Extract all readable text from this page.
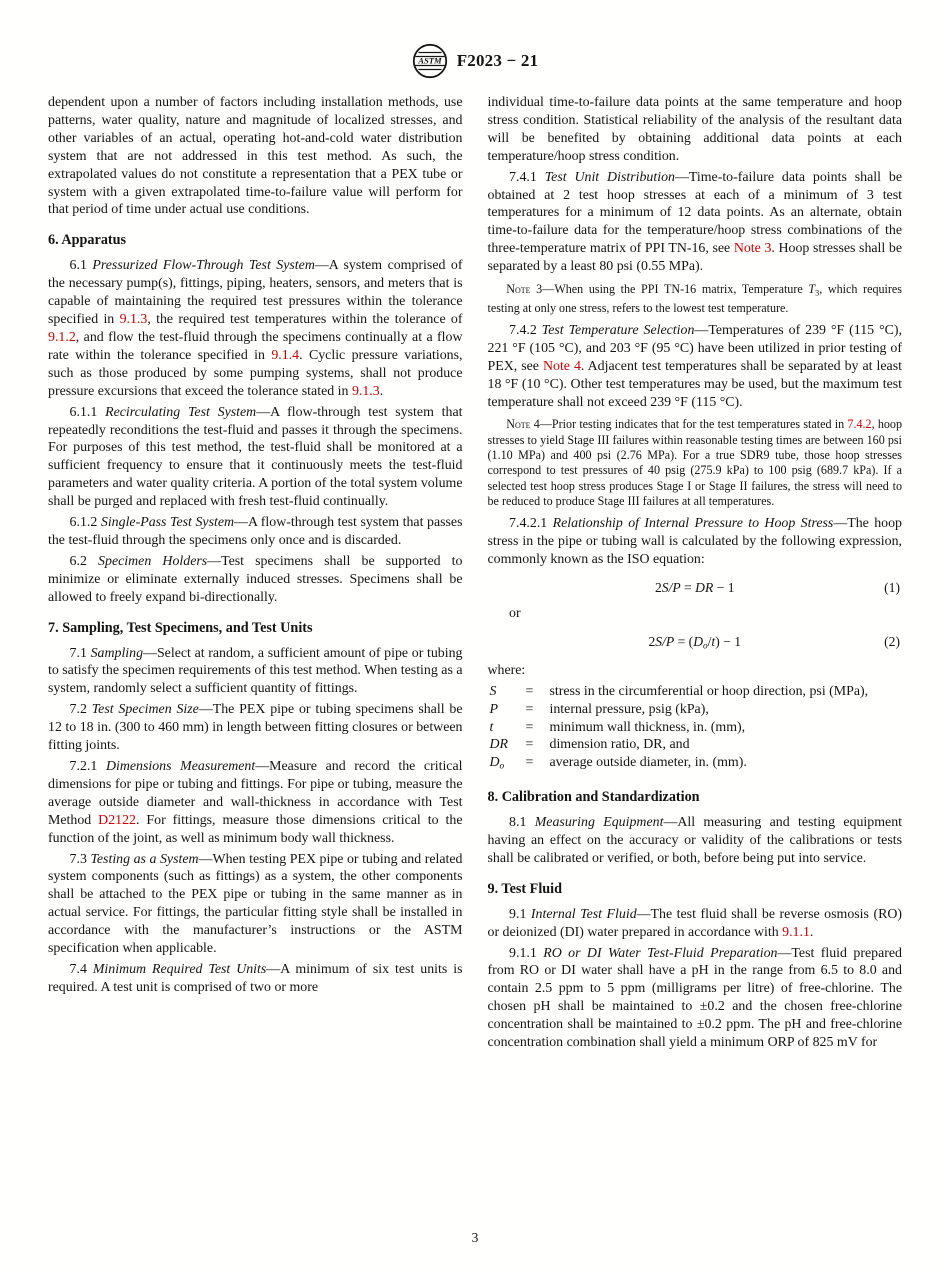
ASTM F2023 − 21

dependent upon a number of factors including installation methods, use patterns, water quality, nature and magnitude of localized stresses, and other variables of an actual, operating hot-and-cold water distribution system that are not addressed in this test method. As such, the extrapolated values do not constitute a representation that a PEX tube or system with a given extrapolated time-to-failure value will perform for that period of time under actual use conditions.

6. Apparatus

6.1 Pressurized Flow-Through Test System—A system comprised of the necessary pump(s), fittings, piping, heaters, sensors, and meters that is capable of maintaining the required test pressures within the tolerance specified in 9.1.3, the required test temperatures within the tolerance of 9.1.2, and flow the test-fluid through the specimens continually at a flow rate within the tolerance specified in 9.1.4. Cyclic pressure variations, such as those produced by some pumping systems, shall not produce pressure excursions that exceed the tolerance stated in 9.1.3.

6.1.1 Recirculating Test System—A flow-through test system that repeatedly reconditions the test-fluid and passes it through the specimens. For purposes of this test method, the test-fluid shall be monitored at a sufficient frequency to ensure that it continuously meets the test-fluid parameters and water quality criteria. A portion of the total system volume shall be purged and replaced with fresh test-fluid continually.

6.1.2 Single-Pass Test System—A flow-through test system that passes the test-fluid through the specimens only once and is discarded.

6.2 Specimen Holders—Test specimens shall be supported to minimize or eliminate externally induced stresses. Specimens shall be allowed to freely expand bi-directionally.

7. Sampling, Test Specimens, and Test Units

7.1 Sampling—Select at random, a sufficient amount of pipe or tubing to satisfy the specimen requirements of this test method. When testing as a system, randomly select a sufficient quantity of fittings.

7.2 Test Specimen Size—The PEX pipe or tubing specimens shall be 12 to 18 in. (300 to 460 mm) in length between fitting closures or between fitting joints.

7.2.1 Dimensions Measurement—Measure and record the critical dimensions for pipe or tubing and fittings. For pipe or tubing, measure the average outside diameter and wall-thickness in accordance with Test Method D2122. For fittings, measure those dimensions critical to the function of the joint, as well as minimum body wall thickness.

7.3 Testing as a System—When testing PEX pipe or tubing and related system components (such as fittings) as a system, the other components shall be attached to the PEX pipe or tubing in the same manner as in actual service. For fittings, the particular fitting style shall be installed in accordance with the manufacturer’s instructions or the ASTM specification when applicable.

7.4 Minimum Required Test Units—A minimum of six test units is required. A test unit is comprised of two or more

individual time-to-failure data points at the same temperature and hoop stress condition. Statistical reliability of the analysis of the resultant data will be benefited by obtaining additional data points at each temperature/hoop stress condition.

7.4.1 Test Unit Distribution—Time-to-failure data points shall be obtained at 2 test hoop stresses at each of a minimum of 3 test temperatures for a minimum of 12 data points. As an alternate, obtain time-to-failure data for the temperature/hoop stress combinations of the three-temperature matrix of PPI TN-16, see Note 3. Hoop stresses shall be separated by a least 80 psi (0.55 MPa).

Note 3—When using the PPI TN-16 matrix, Temperature T3, which requires testing at only one stress, refers to the lowest test temperature.

7.4.2 Test Temperature Selection—Temperatures of 239 °F (115 °C), 221 °F (105 °C), and 203 °F (95 °C) have been utilized in prior testing of PEX, see Note 4. Adjacent test temperatures shall be separated by at least 18 °F (10 °C). Other test temperatures may be used, but the maximum test temperature shall not exceed 239 °F (115 °C).

Note 4—Prior testing indicates that for the test temperatures stated in 7.4.2, hoop stresses to yield Stage III failures within reasonable testing times are between 160 psi (1.10 MPa) and 400 psi (2.76 MPa). For a true SDR9 tube, those hoop stresses correspond to test pressures of 40 psig (275.9 kPa) to 100 psig (689.7 kPa). If a selected test hoop stress produces Stage I or Stage II failures, the stress will need to be reduced to produce Stage III failures at all temperatures.

7.4.2.1 Relationship of Internal Pressure to Hoop Stress—The hoop stress in the pipe or tubing wall is calculated by the following expression, commonly known as the ISO equation:

2S/P = DR − 1	(1)

or

2S/P = (Do/t) − 1	(2)

where:

S	=	stress in the circumferential or hoop direction, psi (MPa),
P	=	internal pressure, psig (kPa),
t	=	minimum wall thickness, in. (mm),
DR	=	dimension ratio, DR, and
Do	=	average outside diameter, in. (mm).
8. Calibration and Standardization

8.1 Measuring Equipment—All measuring and testing equipment having an effect on the accuracy or validity of the calibrations or tests shall be calibrated or verified, or both, before being put into service.

9. Test Fluid

9.1 Internal Test Fluid—The test fluid shall be reverse osmosis (RO) or deionized (DI) water prepared in accordance with 9.1.1.

9.1.1 RO or DI Water Test-Fluid Preparation—Test fluid prepared from RO or DI water shall have a pH in the range from 6.5 to 8.0 and contain 2.5 ppm to 5 ppm (milligrams per litre) of free-chlorine. The chosen pH shall be maintained to ±0.2 and the chosen free-chlorine concentration shall be maintained to ±0.2 ppm. The pH and free-chlorine concentration combination shall yield a minimum ORP of 825 mV for

3
